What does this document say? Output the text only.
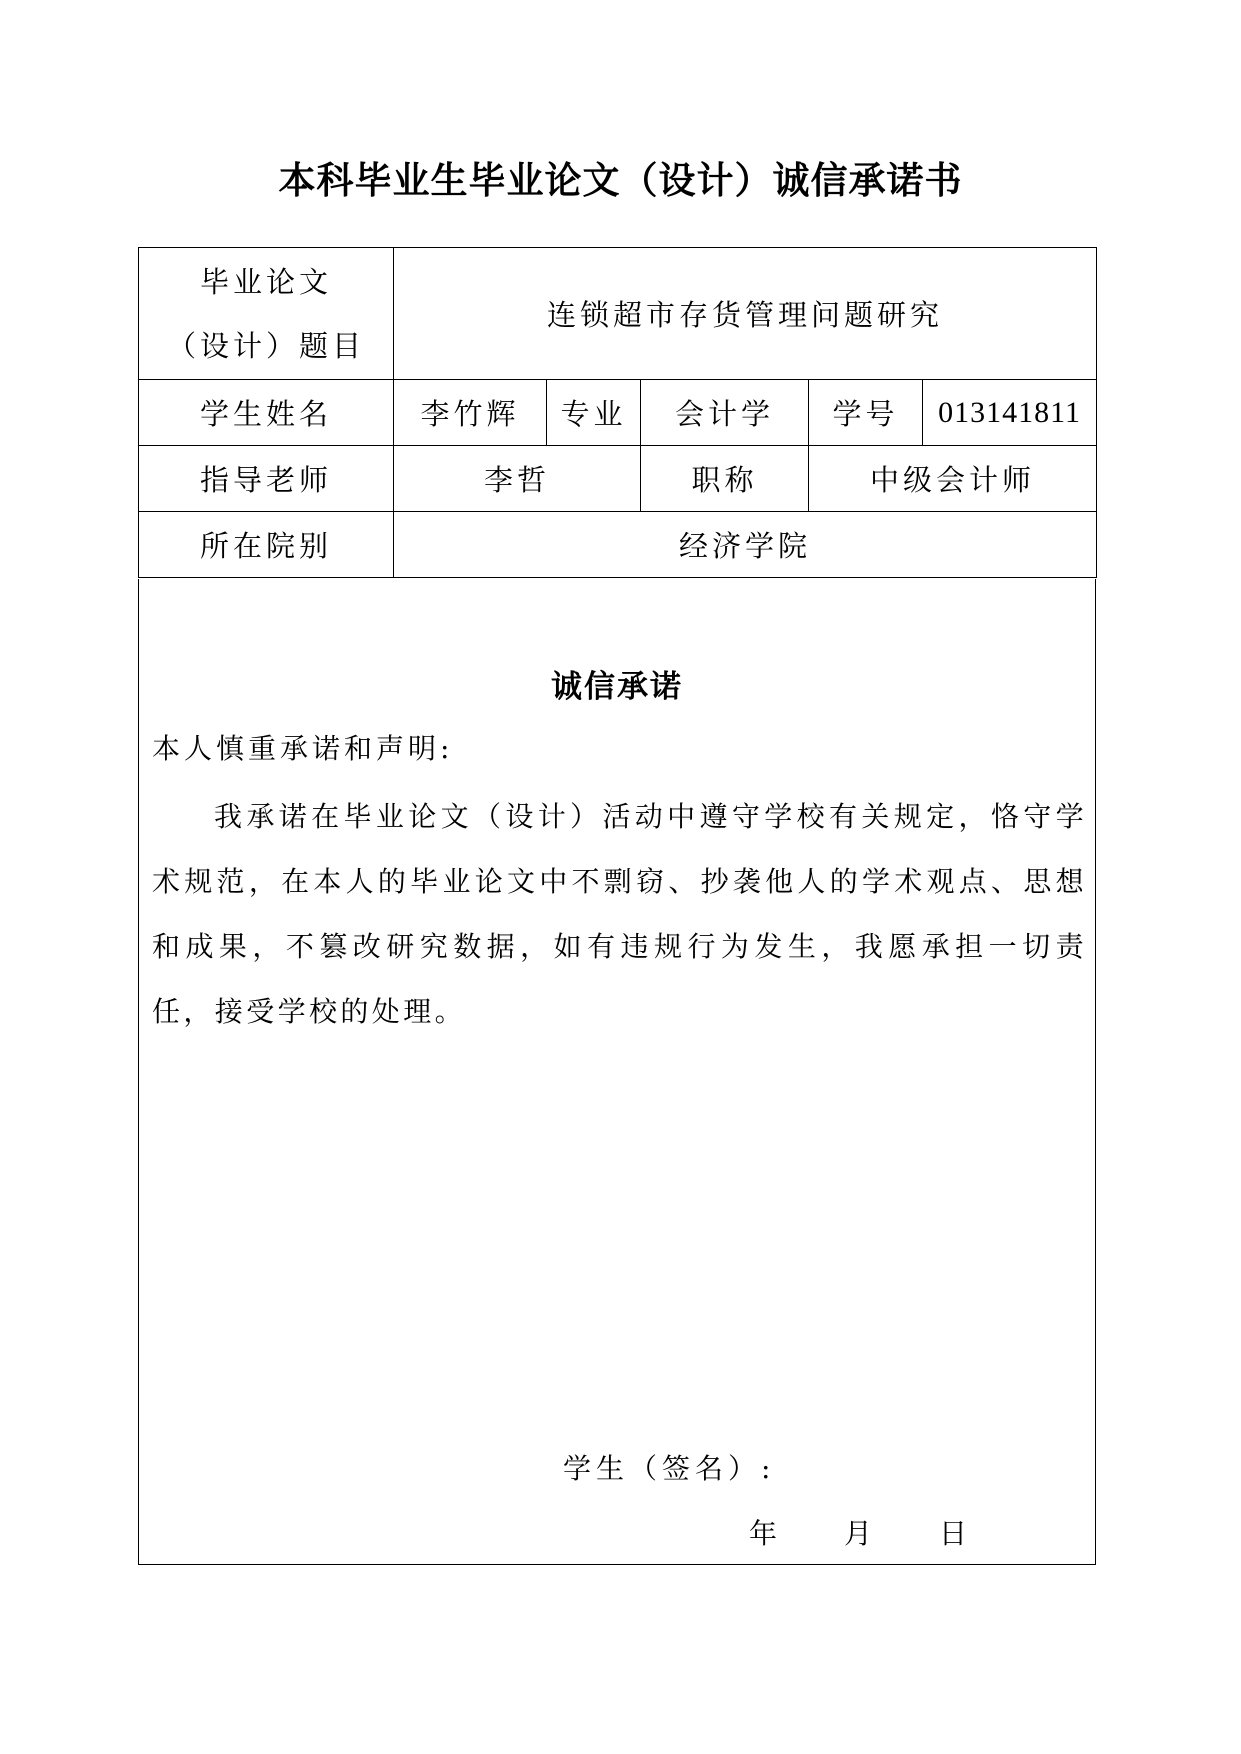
本科毕业生毕业论文（设计）诚信承诺书
毕业论文
（设计）题目	连锁超市存货管理问题研究				
学生姓名	李竹辉	专业	会计学	学号	013141811
指导老师	李哲		职称	中级会计师	
所在院别	经济学院				
诚信承诺
本人慎重承诺和声明:
我承诺在毕业论文（设计）活动中遵守学校有关规定，恪守学术规范，在本人的毕业论文中不剽窃、抄袭他人的学术观点、思想和成果，不篡改研究数据，如有违规行为发生，我愿承担一切责任，接受学校的处理。
学生（签名）:
年 月 日
